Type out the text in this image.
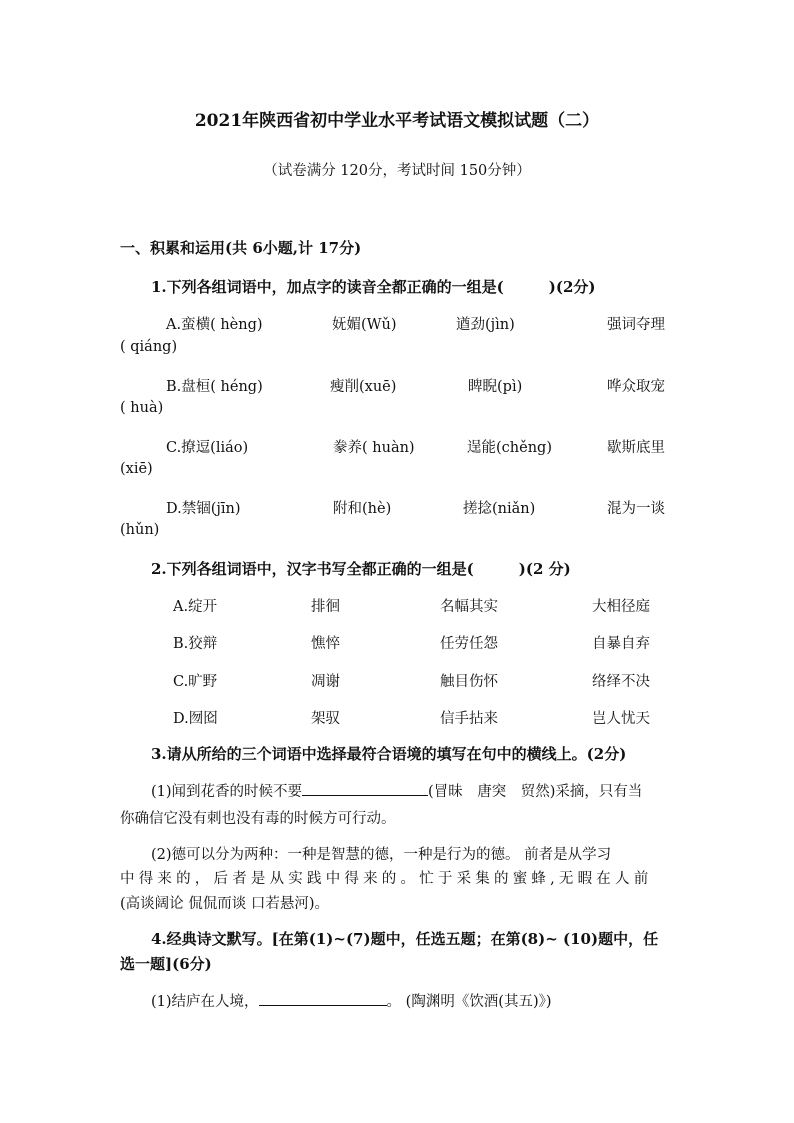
2021年陕西省初中学业水平考试语文模拟试题（二）
（试卷满分 120分，考试时间 150分钟）
一、积累和运用(共 6小题,计 17分)
1.下列各组词语中，加点字的读音全都正确的一组是(　　　)(2分)
A.蛮横( hèng)	妩媚(Wǔ)	遒劲(jìn)	强词夺理
( qiáng)
B.盘桓( héng)	瘦削(xuē)	睥睨(pì)	哗众取宠
( huà)
C.撩逗(liáo)	豢养( huàn)	逞能(chěng)	歇斯底里
(xiē)
D.禁锢(jīn)	附和(hè)	搓捻(niǎn)	混为一谈
(hǔn)
2.下列各组词语中，汉字书写全都正确的一组是(　　　)(2 分)
A.绽开	排徊	名幅其实	大相径庭
B.狡辩	憔悴	任劳任怨	自暴自弃
C.旷野	凋谢	触目伤怀	络绎不决
D.囫囵	架驭	信手拈来	岂人忧天
3.请从所给的三个词语中选择最符合语境的填写在句中的横线上。(2分)
(1)闻到花香的时候不要	(冒昧　唐突　贸然)采摘，只有当
你确信它没有刺也没有毒的时候方可行动。
(2)德可以分为两种：一种是智慧的德，一种是行为的德。 前者是从学习
中得来的，后者是从实践中得来的。忙于采集的蜜蜂,无暇在人前
(高谈阔论 侃侃而谈 口若悬河)。
4.经典诗文默写。[在第(1)~(7)题中，任选五题；在第(8)~ (10)题中，任
选一题](6分)
(1)结庐在人境，	。 (陶渊明《饮酒(其五)》)
